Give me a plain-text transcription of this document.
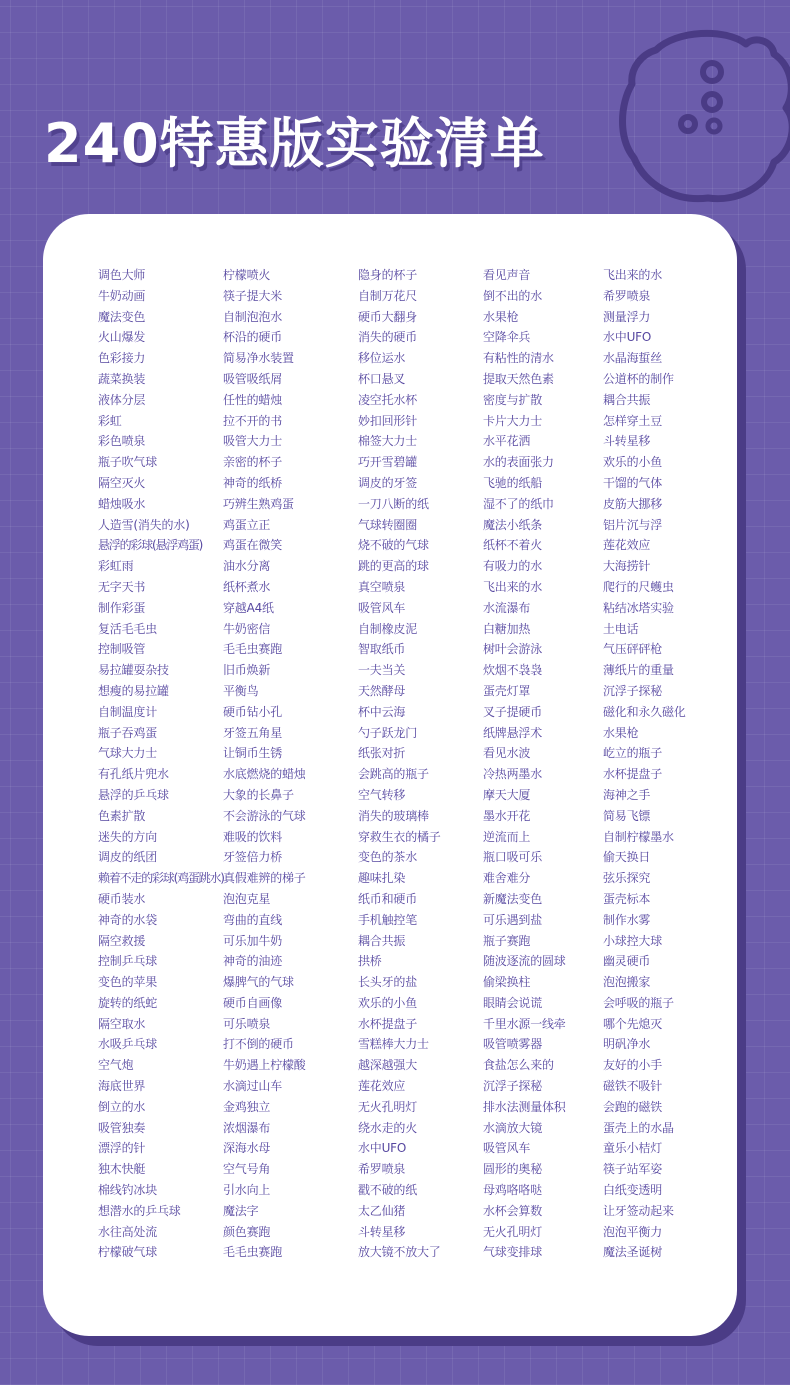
240特惠版实验清单
调色大师
牛奶动画
魔法变色
火山爆发
色彩接力
蔬菜换装
液体分层
彩虹
彩色喷泉
瓶子吹气球
隔空灭火
蜡烛吸水
人造雪(消失的水)
悬浮的彩球(悬浮鸡蛋)
彩虹雨
无字天书
制作彩蛋
复活毛毛虫
控制吸管
易拉罐耍杂技
想瘦的易拉罐
自制温度计
瓶子吞鸡蛋
气球大力士
有孔纸片兜水
悬浮的乒乓球
色素扩散
迷失的方向
调皮的纸团
赖着不走的彩球(鸡蛋跳水)
硬币装水
神奇的水袋
隔空救援
控制乒乓球
变色的苹果
旋转的纸蛇
隔空取水
水吸乒乓球
空气炮
海底世界
倒立的水
吸管独奏
漂浮的针
独木快艇
棉线钓冰块
想潜水的乒乓球
水往高处流
柠檬破气球
柠檬喷火
筷子提大米
自制泡泡水
杯沿的硬币
简易净水装置
吸管吸纸屑
任性的蜡烛
拉不开的书
吸管大力士
亲密的杯子
神奇的纸桥
巧辨生熟鸡蛋
鸡蛋立正
鸡蛋在微笑
油水分离
纸杯煮水
穿越A4纸
牛奶密信
毛毛虫赛跑
旧币焕新
平衡鸟
硬币钻小孔
牙签五角星
让铜币生锈
水底燃烧的蜡烛
大象的长鼻子
不会游泳的气球
难吸的饮料
牙签倍力桥
真假难辨的梯子
泡泡克星
弯曲的直线
可乐加牛奶
神奇的油迹
爆脾气的气球
硬币自画像
可乐喷泉
打不倒的硬币
牛奶遇上柠檬酸
水滴过山车
金鸡独立
浓烟瀑布
深海水母
空气号角
引水向上
魔法字
颜色赛跑
毛毛虫赛跑
隐身的杯子
自制万花尺
硬币大翻身
消失的硬币
移位运水
杯口悬叉
凌空托水杯
妙扣回形针
棉签大力士
巧开雪碧罐
调皮的牙签
一刀八断的纸
气球转圈圈
烧不破的气球
跳的更高的球
真空喷泉
吸管风车
自制橡皮泥
智取纸币
一夫当关
天然酵母
杯中云海
勺子跃龙门
纸张对折
会跳高的瓶子
空气转移
消失的玻璃棒
穿救生衣的橘子
变色的茶水
趣味扎染
纸币和硬币
手机触控笔
耦合共振
拱桥
长头牙的盐
欢乐的小鱼
水杯提盘子
雪糕棒大力士
越深越强大
莲花效应
无火孔明灯
绕水走的火
水中UFO
希罗喷泉
戳不破的纸
太乙仙猪
斗转星移
放大镜不放大了
看见声音
倒不出的水
水果枪
空降伞兵
有粘性的清水
提取天然色素
密度与扩散
卡片大力士
水平花洒
水的表面张力
飞驰的纸船
湿不了的纸巾
魔法小纸条
纸杯不着火
有吸力的水
飞出来的水
水流瀑布
白糖加热
树叶会游泳
炊烟不袅袅
蛋壳灯罩
叉子提硬币
纸牌悬浮术
看见水波
冷热两墨水
摩天大厦
墨水开花
逆流而上
瓶口吸可乐
难舍难分
新魔法变色
可乐遇到盐
瓶子赛跑
随波逐流的圆球
偷梁换柱
眼睛会说谎
千里水源一线牵
吸管喷雾器
食盐怎么来的
沉浮子探秘
排水法测量体积
水滴放大镜
吸管风车
圆形的奥秘
母鸡咯咯哒
水杯会算数
无火孔明灯
气球变排球
飞出来的水
希罗喷泉
测量浮力
水中UFO
水晶海蜇丝
公道杯的制作
耦合共振
怎样穿土豆
斗转星移
欢乐的小鱼
干馏的气体
皮筋大挪移
铝片沉与浮
莲花效应
大海捞针
爬行的尺蠖虫
粘结冰塔实验
土电话
气压砰砰枪
薄纸片的重量
沉浮子探秘
磁化和永久磁化
水果枪
屹立的瓶子
水杯提盘子
海神之手
简易飞镖
自制柠檬墨水
偷天换日
弦乐探究
蛋壳标本
制作水雾
小球控大球
幽灵硬币
泡泡搬家
会呼吸的瓶子
哪个先熄灭
明矾净水
友好的小手
磁铁不吸针
会跑的磁铁
蛋壳上的水晶
童乐小桔灯
筷子站军姿
白纸变透明
让牙签动起来
泡泡平衡力
魔法圣诞树
